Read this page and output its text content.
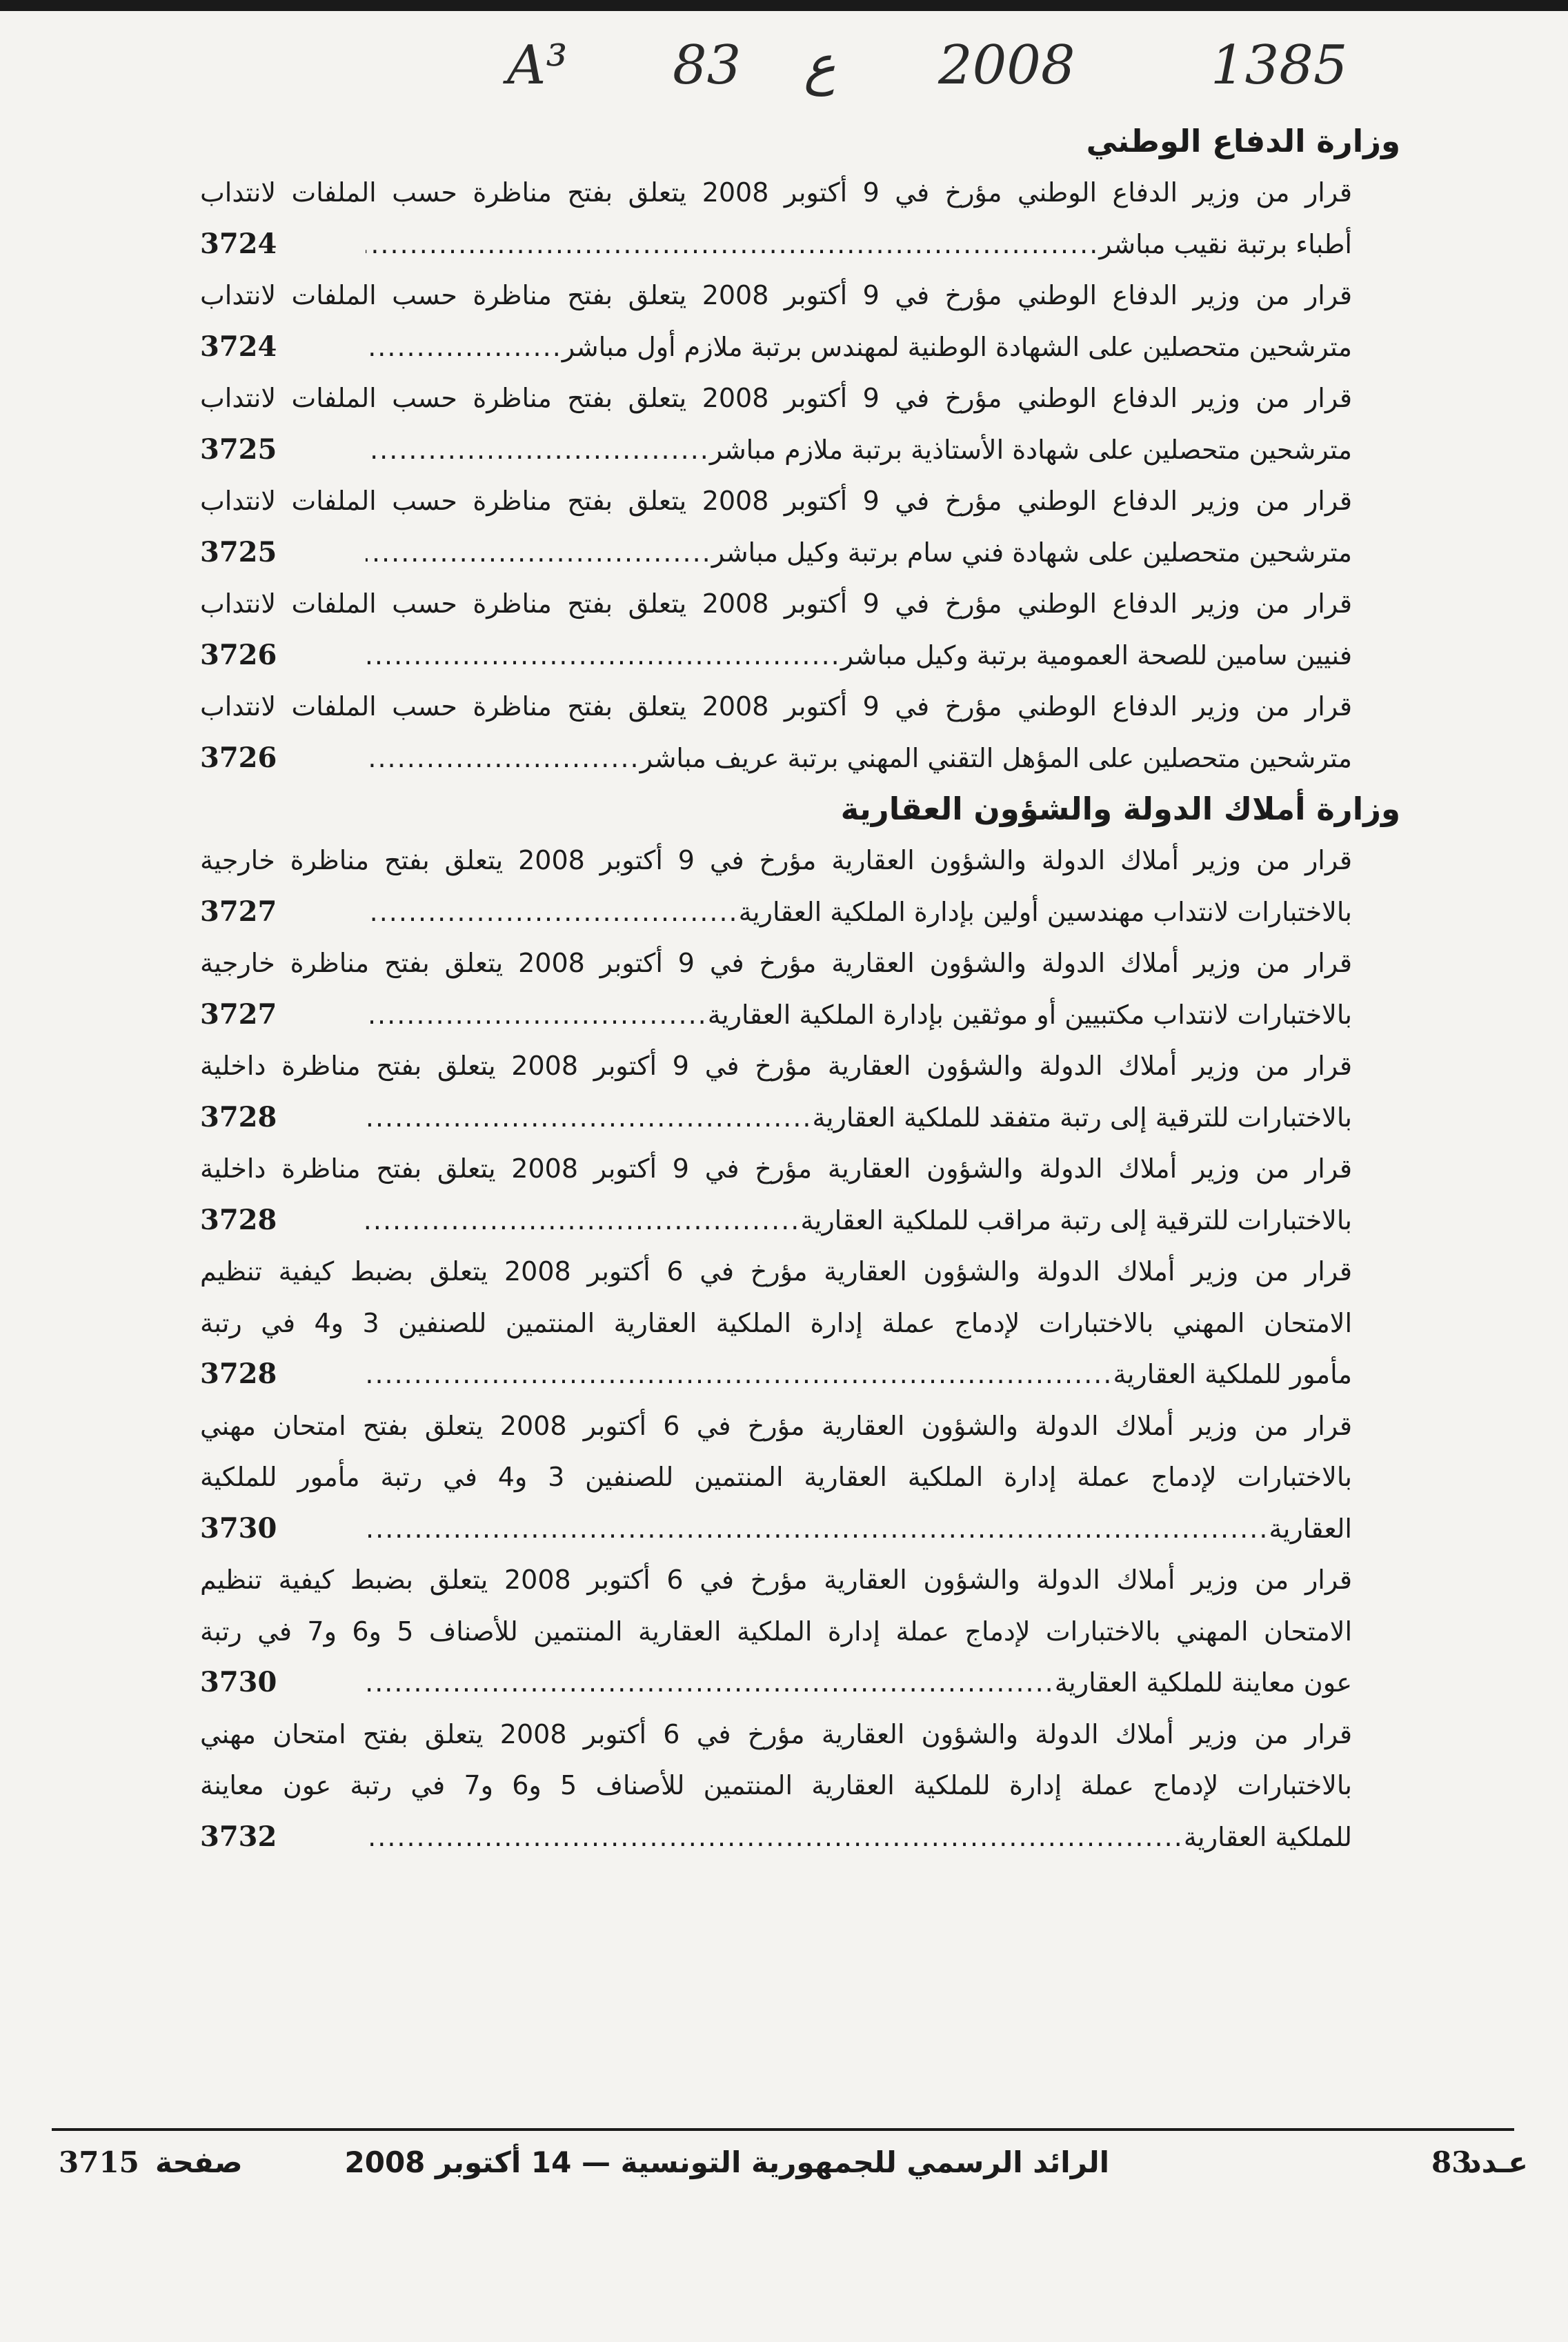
A³ 83 ع 2008	1385
وزارة الدفاع الوطني
قرار من وزير الدفاع الوطني مؤرخ في 9 أكتوبر 2008 يتعلق بفتح مناظرة حسب الملفات لانتداب
أطباء برتبة نقيب مباشر
.....
3724
قرار من وزير الدفاع الوطني مؤرخ في 9 أكتوبر 2008 يتعلق بفتح مناظرة حسب الملفات لانتداب
مترشحين متحصلين على الشهادة الوطنية لمهندس برتبة ملازم أول مباشر
.....
3724
قرار من وزير الدفاع الوطني مؤرخ في 9 أكتوبر 2008 يتعلق بفتح مناظرة حسب الملفات لانتداب
مترشحين متحصلين على شهادة الأستاذية برتبة ملازم مباشر
.....
3725
قرار من وزير الدفاع الوطني مؤرخ في 9 أكتوبر 2008 يتعلق بفتح مناظرة حسب الملفات لانتداب
مترشحين متحصلين على شهادة فني سام برتبة وكيل مباشر
.....
3725
قرار من وزير الدفاع الوطني مؤرخ في 9 أكتوبر 2008 يتعلق بفتح مناظرة حسب الملفات لانتداب
فنيين سامين للصحة العمومية برتبة وكيل مباشر
.....
3726
قرار من وزير الدفاع الوطني مؤرخ في 9 أكتوبر 2008 يتعلق بفتح مناظرة حسب الملفات لانتداب
مترشحين متحصلين على المؤهل التقني المهني برتبة عريف مباشر
.....
3726
وزارة أملاك الدولة والشؤون العقارية
قرار من وزير أملاك الدولة والشؤون العقارية مؤرخ في 9 أكتوبر 2008 يتعلق بفتح مناظرة خارجية
بالاختبارات لانتداب مهندسين أولين بإدارة الملكية العقارية
.....
3727
قرار من وزير أملاك الدولة والشؤون العقارية مؤرخ في 9 أكتوبر 2008 يتعلق بفتح مناظرة خارجية
بالاختبارات لانتداب مكتبيين أو موثقين بإدارة الملكية العقارية
.....
3727
قرار من وزير أملاك الدولة والشؤون العقارية مؤرخ في 9 أكتوبر 2008 يتعلق بفتح مناظرة داخلية
بالاختبارات للترقية إلى رتبة متفقد للملكية العقارية
.....
3728
قرار من وزير أملاك الدولة والشؤون العقارية مؤرخ في 9 أكتوبر 2008 يتعلق بفتح مناظرة داخلية
بالاختبارات للترقية إلى رتبة مراقب للملكية العقارية
.....
3728
قرار من وزير أملاك الدولة والشؤون العقارية مؤرخ في 6 أكتوبر 2008 يتعلق بضبط كيفية تنظيم
الامتحان المهني بالاختبارات لإدماج عملة إدارة الملكية العقارية المنتمين للصنفين 3 و4 في رتبة
مأمور للملكية العقارية
.....
3728
قرار من وزير أملاك الدولة والشؤون العقارية مؤرخ في 6 أكتوبر 2008 يتعلق بفتح امتحان مهني
بالاختبارات لإدماج عملة إدارة الملكية العقارية المنتمين للصنفين 3 و4 في رتبة مأمور للملكية
العقارية
.....
3730
قرار من وزير أملاك الدولة والشؤون العقارية مؤرخ في 6 أكتوبر 2008 يتعلق بضبط كيفية تنظيم
الامتحان المهني بالاختبارات لإدماج عملة إدارة الملكية العقارية المنتمين للأصناف 5 و6 و7 في رتبة
عون معاينة للملكية العقارية
.....
3730
قرار من وزير أملاك الدولة والشؤون العقارية مؤرخ في 6 أكتوبر 2008 يتعلق بفتح امتحان مهني
بالاختبارات لإدماج عملة إدارة للملكية العقارية المنتمين للأصناف 5 و6 و7 في رتبة عون معاينة
للملكية العقارية
.....
3732
عـدد
83
الرائد الرسمي للجمهورية التونسية — 14 أكتوبر 2008
صفحة
3715
